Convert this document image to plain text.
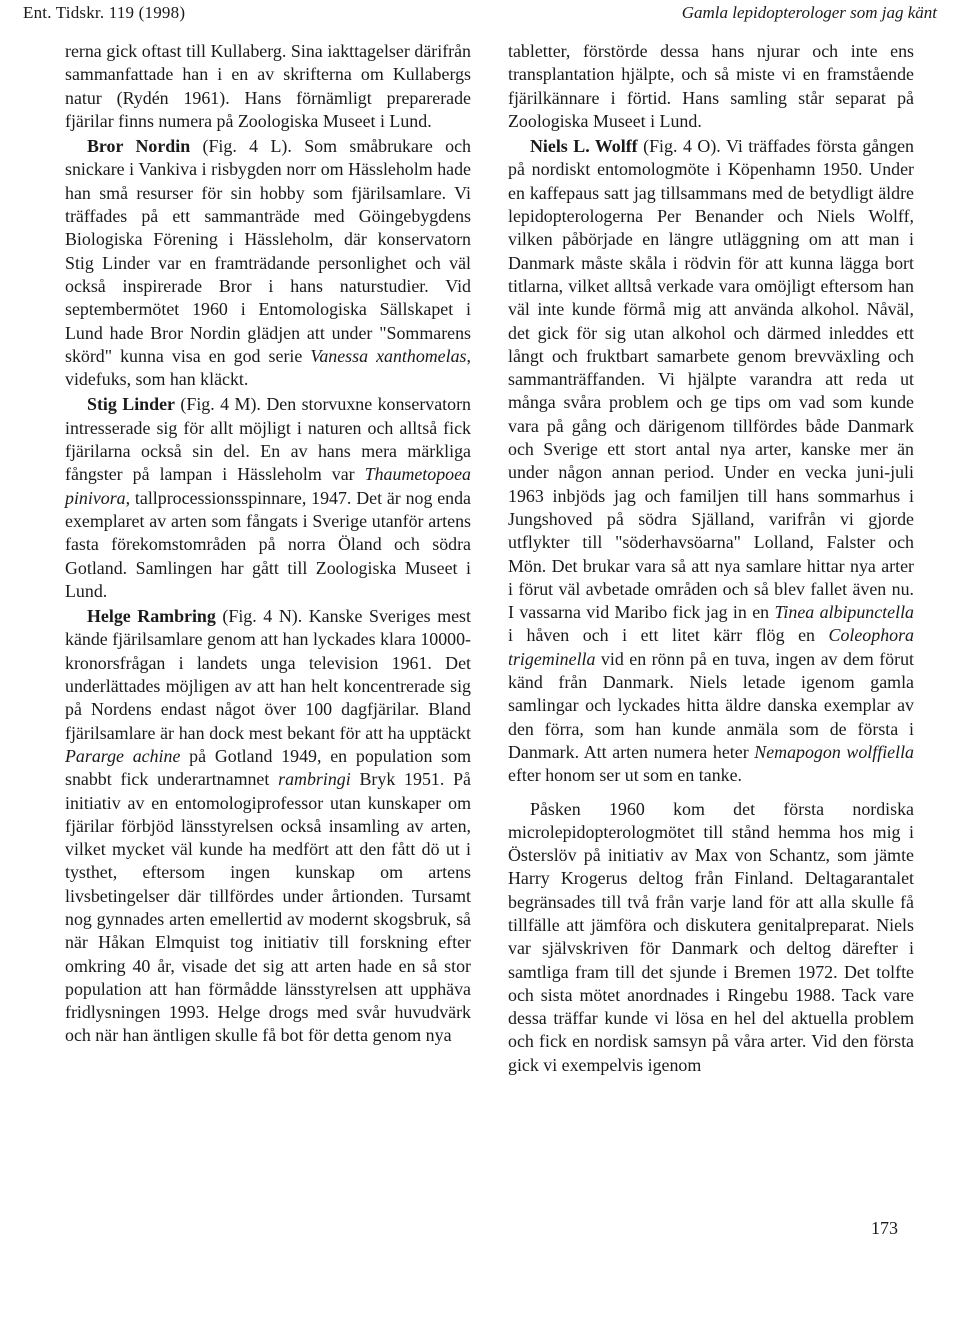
Ent. Tidskr. 119 (1998)	Gamla lepidopterologer som jag känt

rerna gick oftast till Kullaberg. Sina iakttagelser därifrån sammanfattade han i en av skrifterna om Kullabergs natur (Rydén 1961). Hans förnämligt preparerade fjärilar finns numera på Zoologiska Museet i Lund.

Bror Nordin (Fig. 4 L). Som småbrukare och snickare i Vankiva i risbygden norr om Hässleholm hade han små resurser för sin hobby som fjärilsamlare. Vi träffades på ett sammanträde med Göingebygdens Biologiska Förening i Hässleholm, där konservatorn Stig Linder var en framträdande personlighet och väl också inspirerade Bror i hans naturstudier. Vid septembermötet 1960 i Entomologiska Sällskapet i Lund hade Bror Nordin glädjen att under "Sommarens skörd" kunna visa en god serie Vanessa xanthomelas, videfuks, som han kläckt.

Stig Linder (Fig. 4 M). Den storvuxne konservatorn intresserade sig för allt möjligt i naturen och alltså fick fjärilarna också sin del. En av hans mera märkliga fångster på lampan i Hässleholm var Thaumetopoea pinivora, tallprocessionsspinnare, 1947. Det är nog enda exemplaret av arten som fångats i Sverige utanför artens fasta förekomstområden på norra Öland och södra Gotland. Samlingen har gått till Zoologiska Museet i Lund.

Helge Rambring (Fig. 4 N). Kanske Sveriges mest kände fjärilsamlare genom att han lyckades klara 10000-kronorsfrågan i landets unga television 1961. Det underlättades möjligen av att han helt koncentrerade sig på Nordens endast något över 100 dagfjärilar. Bland fjärilsamlare är han dock mest bekant för att ha upptäckt Pararge achine på Gotland 1949, en population som snabbt fick underartnamnet rambringi Bryk 1951. På initiativ av en entomologiprofessor utan kunskaper om fjärilar förbjöd länsstyrelsen också insamling av arten, vilket mycket väl kunde ha medfört att den fått dö ut i tysthet, eftersom ingen kunskap om artens livsbetingelser där tillfördes under årtionden. Tursamt nog gynnades arten emellertid av modernt skogsbruk, så när Håkan Elmquist tog initiativ till forskning efter omkring 40 år, visade det sig att arten hade en så stor population att han förmådde länsstyrelsen att upphäva fridlysningen 1993. Helge drogs med svår huvudvärk och när han äntligen skulle få bot för detta genom nya

tabletter, förstörde dessa hans njurar och inte ens transplantation hjälpte, och så miste vi en framstående fjärilkännare i förtid. Hans samling står separat på Zoologiska Museet i Lund.

Niels L. Wolff (Fig. 4 O). Vi träffades första gången på nordiskt entomologmöte i Köpenhamn 1950. Under en kaffepaus satt jag tillsammans med de betydligt äldre lepidopterologerna Per Benander och Niels Wolff, vilken påbörjade en längre utläggning om att man i Danmark måste skåla i rödvin för att kunna lägga bort titlarna, vilket alltså verkade vara omöjligt eftersom han väl inte kunde förmå mig att använda alkohol. Nåväl, det gick för sig utan alkohol och därmed inleddes ett långt och fruktbart samarbete genom brevväxling och sammanträffanden. Vi hjälpte varandra att reda ut många svåra problem och ge tips om vad som kunde vara på gång och därigenom tillfördes både Danmark och Sverige ett stort antal nya arter, kanske mer än under någon annan period. Under en vecka juni-juli 1963 inbjöds jag och familjen till hans sommarhus i Jungshoved på södra Själland, varifrån vi gjorde utflykter till "söderhavsöarna" Lolland, Falster och Mön. Det brukar vara så att nya samlare hittar nya arter i förut väl avbetade områden och så blev fallet även nu. I vassarna vid Maribo fick jag in en Tinea albipunctella i håven och i ett litet kärr flög en Coleophora trigeminella vid en rönn på en tuva, ingen av dem förut känd från Danmark. Niels letade igenom gamla samlingar och lyckades hitta äldre danska exemplar av den förra, som han kunde anmäla som de första i Danmark. Att arten numera heter Nemapogon wolffiella efter honom ser ut som en tanke.

Påsken 1960 kom det första nordiska microlepidopterologmötet till stånd hemma hos mig i Österslöv på initiativ av Max von Schantz, som jämte Harry Krogerus deltog från Finland. Deltagarantalet begränsades till två från varje land för att alla skulle få tillfälle att jämföra och diskutera genitalpreparat. Niels var självskriven för Danmark och deltog därefter i samtliga fram till det sjunde i Bremen 1972. Det tolfte och sista mötet anordnades i Ringebu 1988. Tack vare dessa träffar kunde vi lösa en hel del aktuella problem och fick en nordisk samsyn på våra arter. Vid den första gick vi exempelvis igenom

173
